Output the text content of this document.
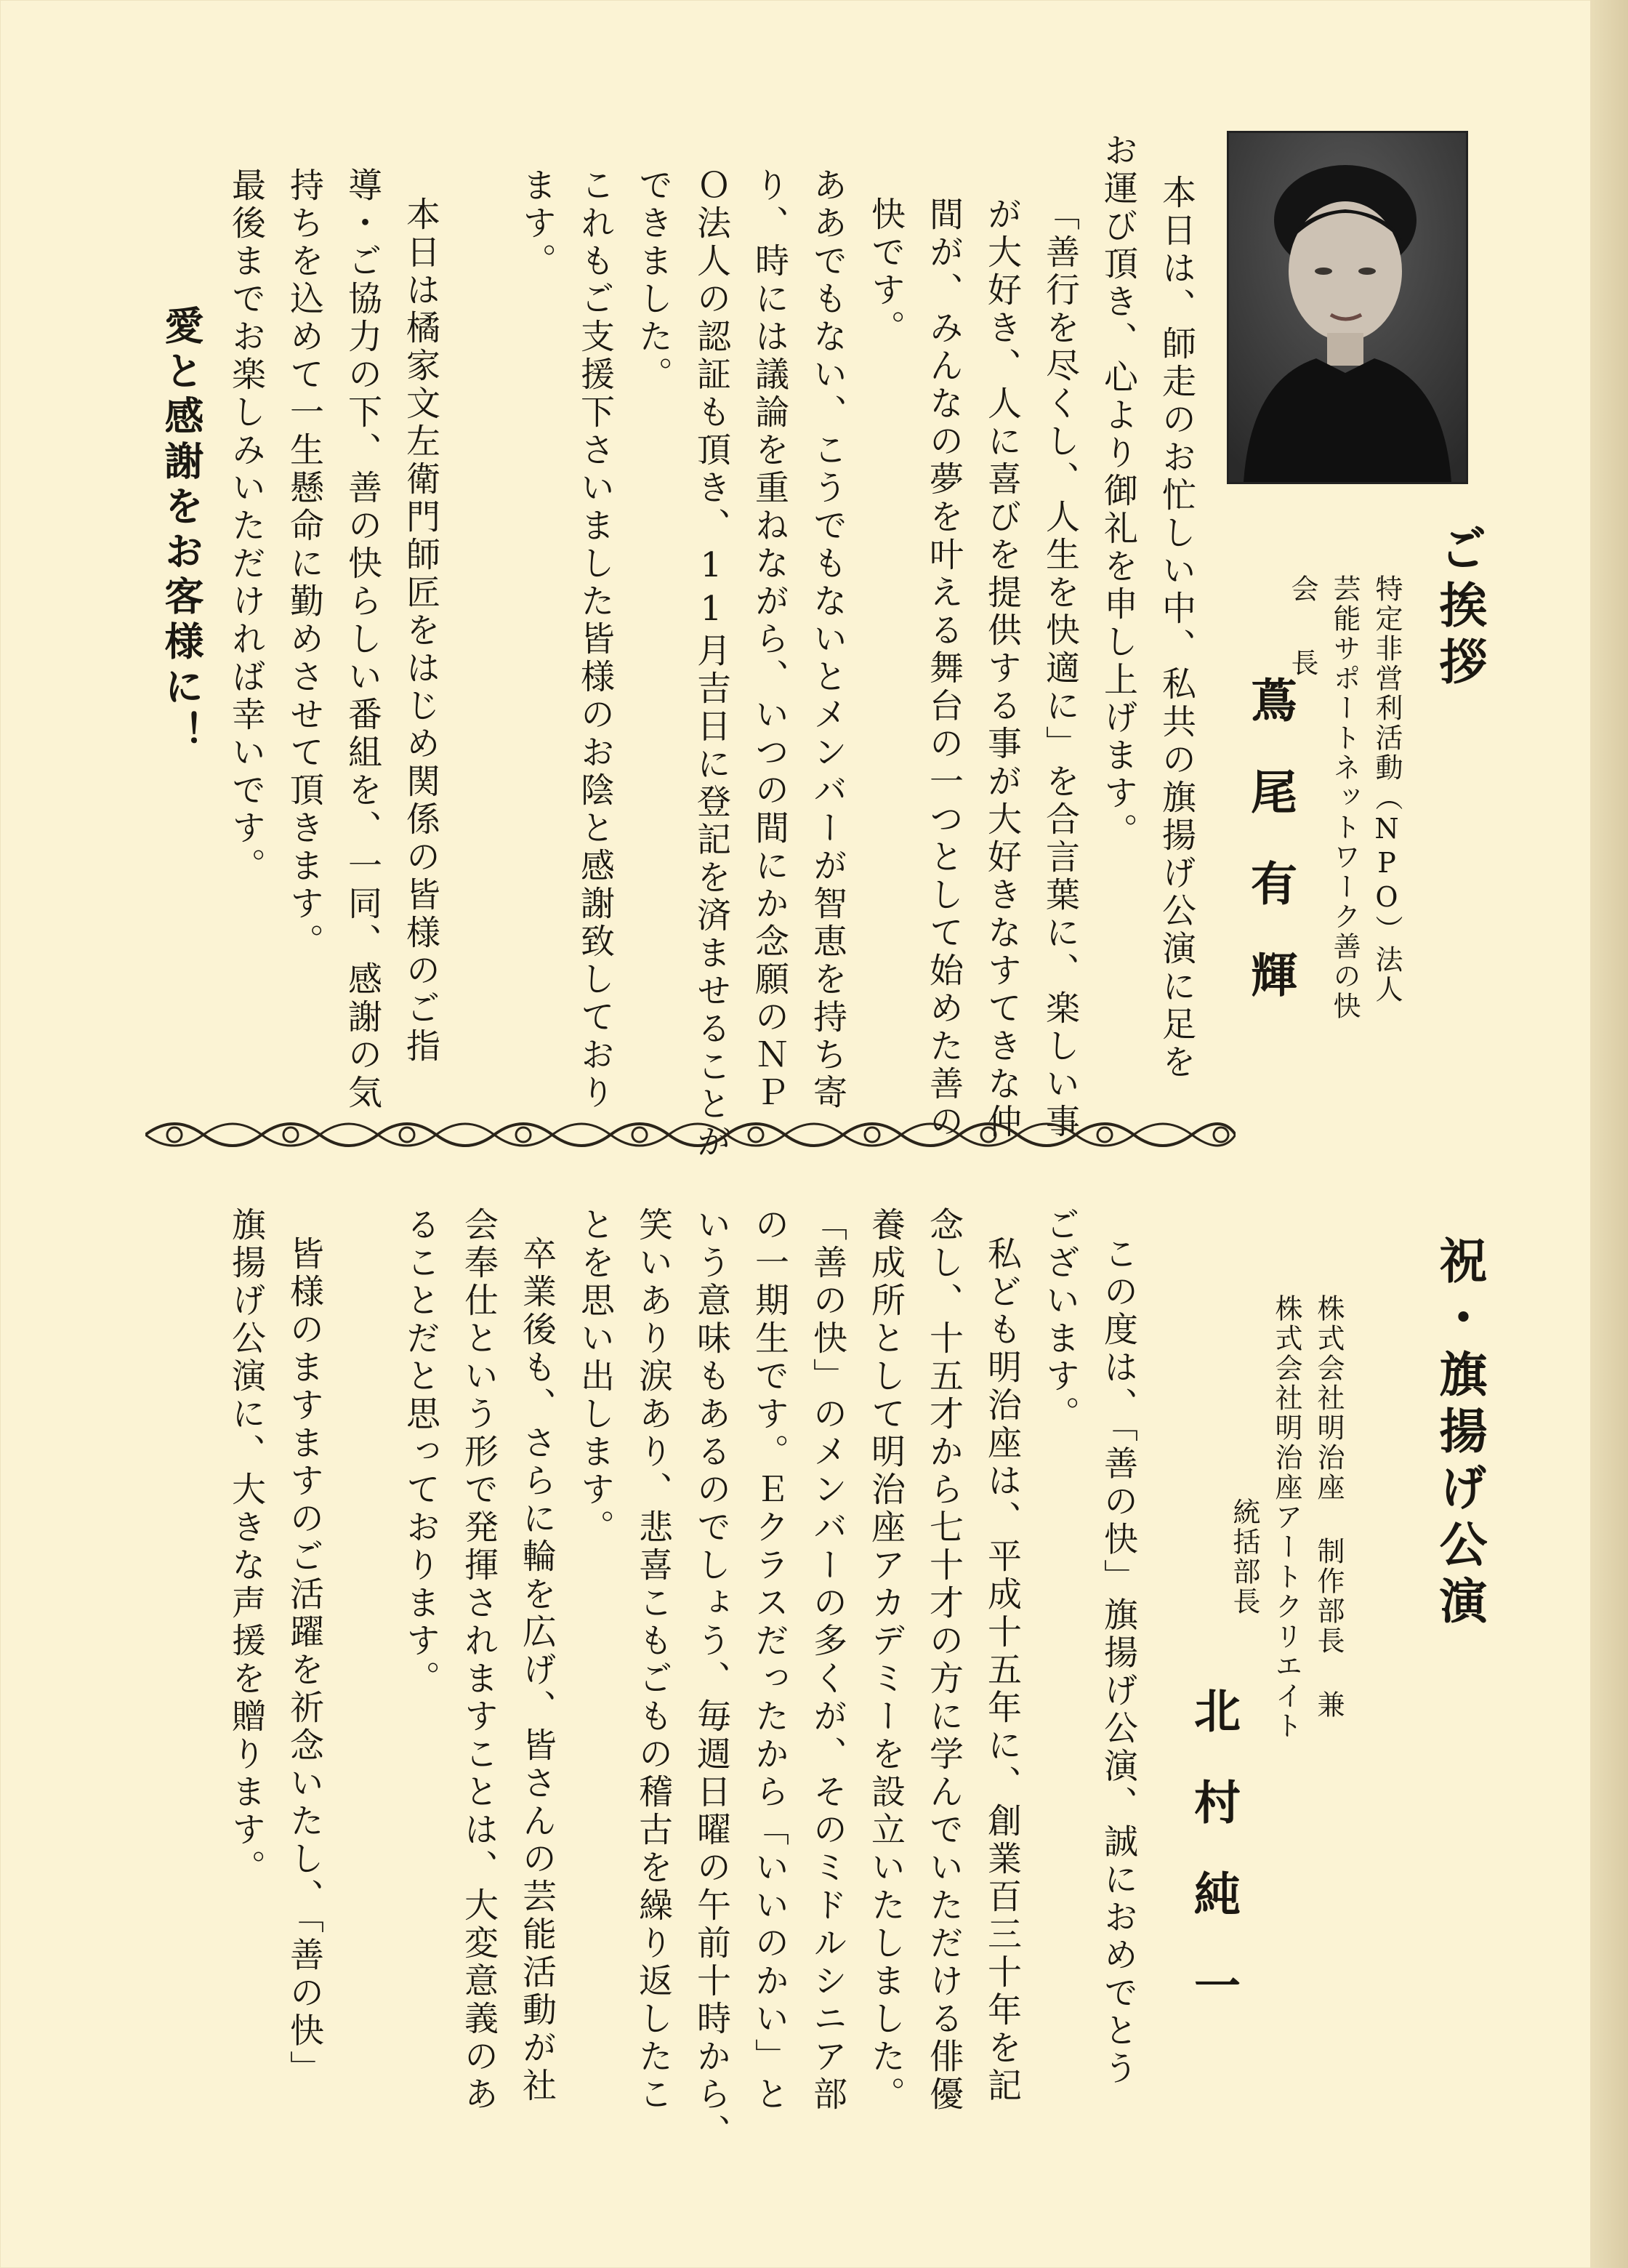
ご挨拶
特定非営利活動（NPO）法人
芸能サポートネットワーク善の快
会 長
蔦尾有輝
本日は、師走のお忙しい中、私共の旗揚げ公演に足を
お運び頂き、心より御礼を申し上げます。
「善行を尽くし、人生を快適に」を合言葉に、楽しい事
が大好き、人に喜びを提供する事が大好きなすてきな仲
間が、みんなの夢を叶える舞台の一つとして始めた善の
快です。
ああでもない、こうでもないとメンバーが智恵を持ち寄
り、時には議論を重ねながら、いつの間にか念願のＮＰ
Ｏ法人の認証も頂き、11月吉日に登記を済ませることが
できました。
これもご支援下さいました皆様のお陰と感謝致しており
ます。
本日は橘家文左衛門師匠をはじめ関係の皆様のご指
導・ご協力の下、善の快らしい番組を、一同、感謝の気
持ちを込めて一生懸命に勤めさせて頂きます。
最後までお楽しみいただければ幸いです。
愛と感謝をお客様に！
祝・旗揚げ公演
株式会社明治座 制作部長 兼
株式会社明治座アートクリエイト
統括部長
北村純一
この度は、「善の快」旗揚げ公演、誠におめでとう
ございます。
私ども明治座は、平成十五年に、創業百三十年を記
念し、十五才から七十才の方に学んでいただける俳優
養成所として明治座アカデミーを設立いたしました。
「善の快」のメンバーの多くが、そのミドルシニア部
の一期生です。Ｅクラスだったから「いいのかい」と
いう意味もあるのでしょう、毎週日曜の午前十時から、
笑いあり涙あり、悲喜こもごもの稽古を繰り返したこ
とを思い出します。
卒業後も、さらに輪を広げ、皆さんの芸能活動が社
会奉仕という形で発揮されますことは、大変意義のあ
ることだと思っております。
皆様のますますのご活躍を祈念いたし、「善の快」
旗揚げ公演に、大きな声援を贈ります。
